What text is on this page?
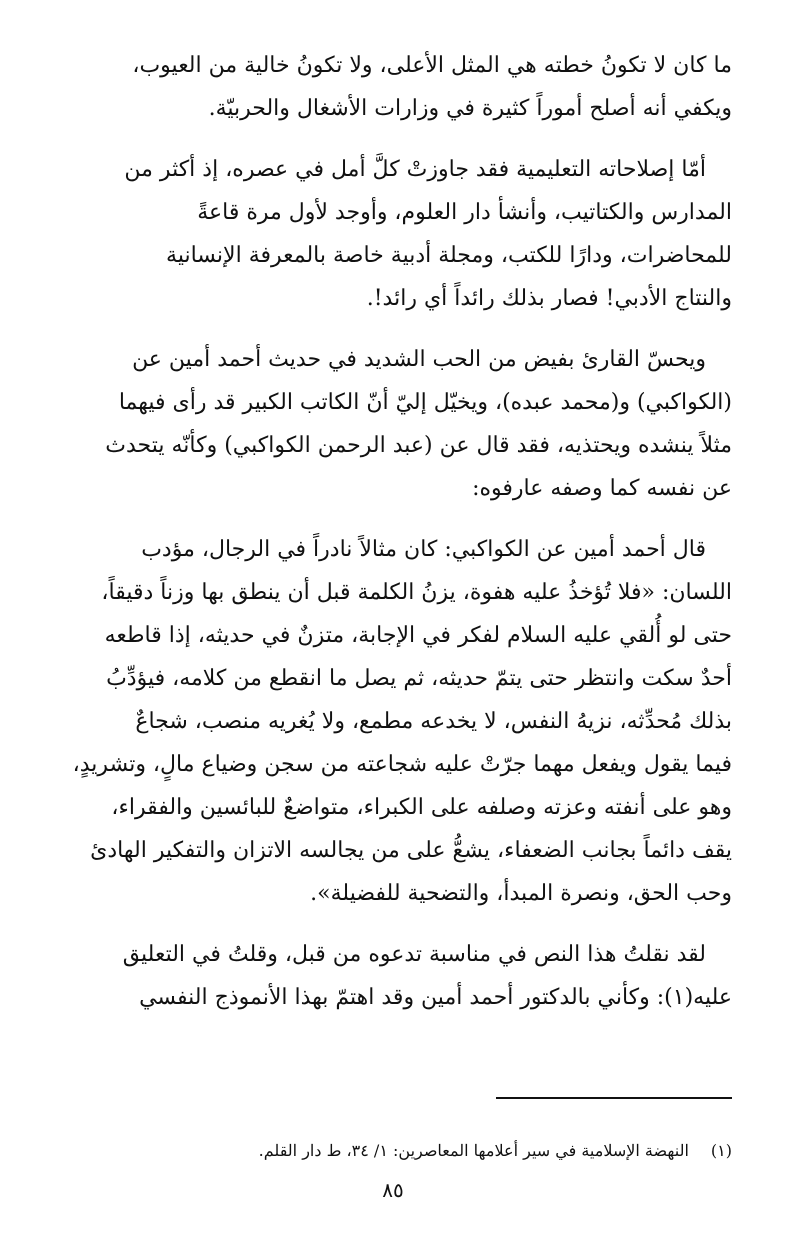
ما كان لا تكونُ خطته هي المثل الأعلى، ولا تكونُ خالية من العيوب،
ويكفي أنه أصلح أموراً كثيرة في وزارات الأشغال والحربيّة.

أمّا إصلاحاته التعليمية فقد جاوزتْ كلَّ أمل في عصره، إذ أكثر من
المدارس والكتاتيب، وأنشأ دار العلوم، وأوجد لأول مرة قاعةً
للمحاضرات، ودارًا للكتب، ومجلة أدبية خاصة بالمعرفة الإنسانية
والنتاج الأدبي! فصار بذلك رائداً أي رائد!.

ويحسّ القارئ بفيض من الحب الشديد في حديث أحمد أمين عن
(الكواكبي) و(محمد عبده)، ويخيّل إليّ أنّ الكاتب الكبير قد رأى فيهما
مثلاً ينشده ويحتذيه، فقد قال عن (عبد الرحمن الكواكبي) وكأنّه يتحدث
عن نفسه كما وصفه عارفوه:

قال أحمد أمين عن الكواكبي: كان مثالاً نادراً في الرجال، مؤدب
اللسان: «فلا تُؤخذُ عليه هفوة، يزنُ الكلمة قبل أن ينطق بها وزناً دقيقاً،
حتى لو أُلقي عليه السلام لفكر في الإجابة، متزنٌ في حديثه، إذا قاطعه
أحدٌ سكت وانتظر حتى يتمّ حديثه، ثم يصل ما انقطع من كلامه، فيؤدِّبُ
بذلك مُحدِّثه، نزيهُ النفس، لا يخدعه مطمع، ولا يُغريه منصب، شجاعٌ
فيما يقول ويفعل مهما جرّتْ عليه شجاعته من سجن وضياع مالٍ، وتشريدٍ،
وهو على أنفته وعزته وصلفه على الكبراء، متواضعٌ للبائسين والفقراء،
يقف دائماً بجانب الضعفاء، يشعُّ على من يجالسه الاتزان والتفكير الهادئ
وحب الحق، ونصرة المبدأ، والتضحية للفضيلة».

لقد نقلتُ هذا النص في مناسبة تدعوه من قبل، وقلتُ في التعليق
عليه(١): وكأني بالدكتور أحمد أمين وقد اهتمّ بهذا الأنموذج النفسي

(١)النهضة الإسلامية في سير أعلامها المعاصرين: ١/ ٣٤، ط دار القلم.
٨٥
